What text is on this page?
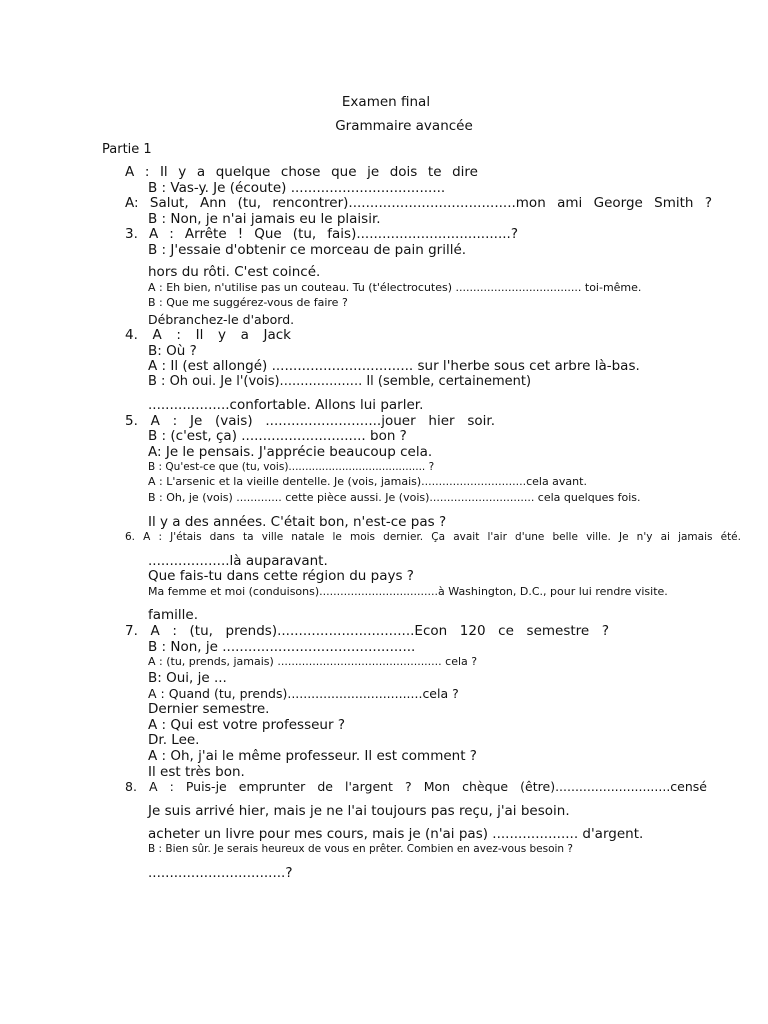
Examen final
Grammaire avancée
Partie 1
A : Il y a quelque chose que je dois te dire
B : Vas-y. Je (écoute) ....................................
A: Salut, Ann (tu, rencontrer).......................................mon ami George Smith ?
B : Non, je n'ai jamais eu le plaisir.
3. A : Arrête ! Que (tu, fais)....................................?
B : J'essaie d'obtenir ce morceau de pain grillé.
hors du rôti. C'est coincé.
A : Eh bien, n'utilise pas un couteau. Tu (t'électrocutes) .................................... toi-même.
B : Que me suggérez-vous de faire ?
Débranchez-le d'abord.
4. A : Il y a Jack
B: Où ?
A : Il (est allongé) ................................. sur l'herbe sous cet arbre là-bas.
B : Oh oui. Je l'(vois).................... Il (semble, certainement)
...................confortable. Allons lui parler.
5. A : Je (vais) ...........................jouer hier soir.
B : (c'est, ça) ............................. bon ?
A: Je le pensais. J'apprécie beaucoup cela.
B : Qu'est-ce que (tu, vois)......................................... ?
A : L'arsenic et la vieille dentelle. Je (vois, jamais)..............................cela avant.
B : Oh, je (vois) ............. cette pièce aussi. Je (vois).............................. cela quelques fois.
Il y a des années. C'était bon, n'est-ce pas ?
6. A : J'étais dans ta ville natale le mois dernier. Ça avait l'air d'une belle ville. Je n'y ai jamais été.
...................là auparavant.
Que fais-tu dans cette région du pays ?
Ma femme et moi (conduisons)..................................à Washington, D.C., pour lui rendre visite.
famille.
7. A : (tu, prends)................................Econ 120 ce semestre ?
B : Non, je .............................................
A : (tu, prends, jamais) ............................................... cela ?
B: Oui, je ...
A : Quand (tu, prends)..................................cela ?
Dernier semestre.
A : Qui est votre professeur ?
Dr. Lee.
A : Oh, j'ai le même professeur. Il est comment ?
Il est très bon.
8. A : Puis-je emprunter de l'argent ? Mon chèque (être).............................censé
Je suis arrivé hier, mais je ne l'ai toujours pas reçu, j'ai besoin.
acheter un livre pour mes cours, mais je (n'ai pas) .................... d'argent.
B : Bien sûr. Je serais heureux de vous en prêter. Combien en avez-vous besoin ?
................................?
